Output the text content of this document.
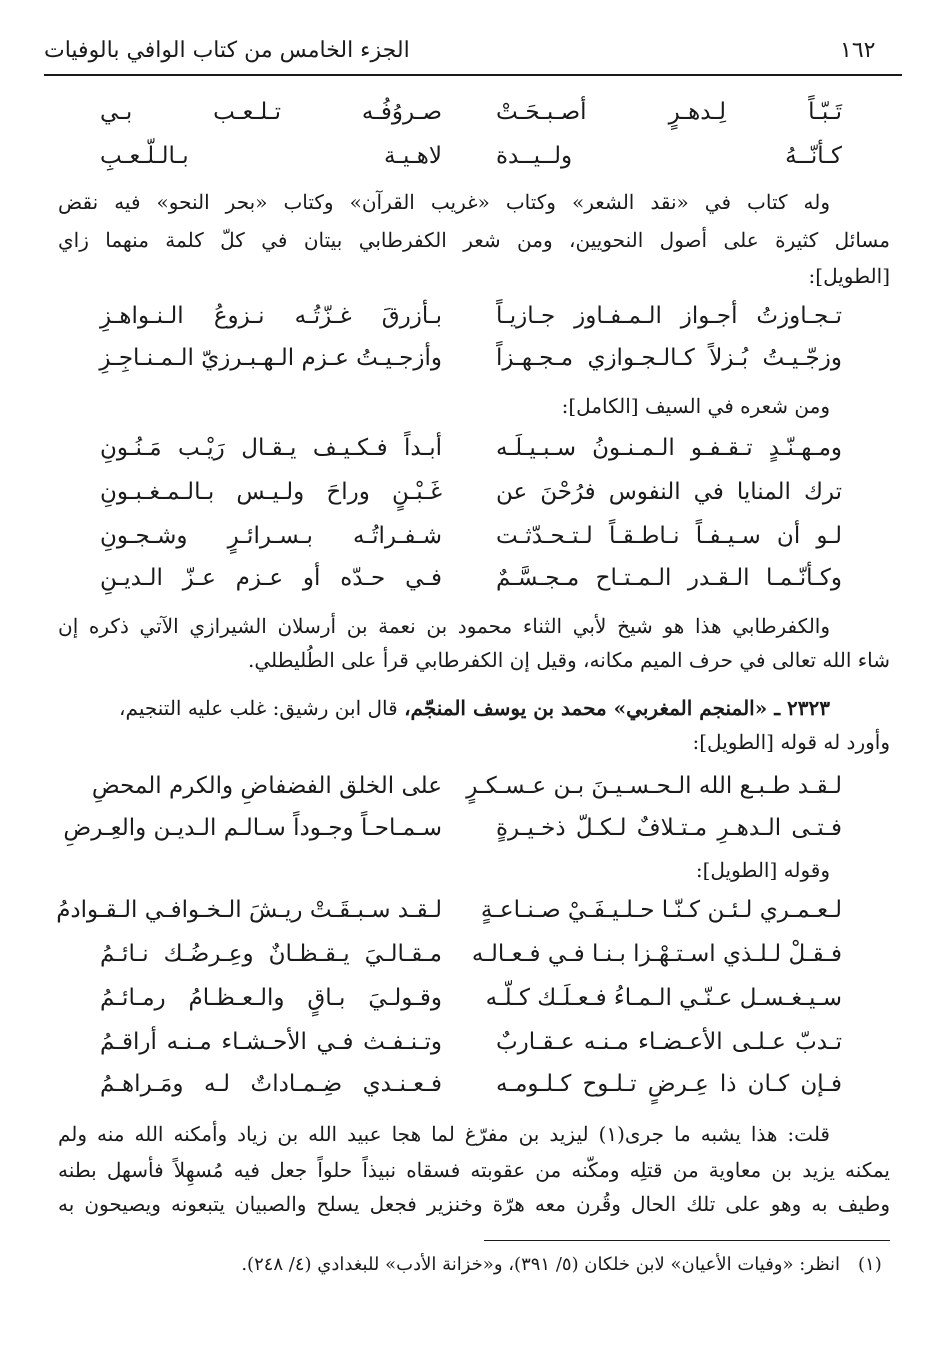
١٦٢
الجزء الخامس من كتاب الوافي بالوفيات
تَـبّـاً لِـدهـرٍ أصـبـحَـتْ
صـروُفُـه تـلـعـب بـي
كـأنّــهُ ولــيــدة
لاهـيـة بـالـلّـعـبِ
وله كتاب في «نقد الشعر» وكتاب «غريب القرآن» وكتاب «بحر النحو» فيه نقض
مسائل كثيرة على أصول النحويين، ومن شعر الكفرطابي بيتان في كلّ كلمة منهما زاي
[الطويل]:
تـجـاوزتُ أجـواز الـمـفـاوز جـازيـاً
بـأزرقَ غـزّتُـه نـزوعُ الـنـواهـزِ
وزجّـيـتُ بُـزلاً كـالـجـوازي مـجـهـزاً
وأزجـيـتُ عـزم الـهـبـرزيّ الـمـنـاجِـزِ
ومن شعره في السيف [الكامل]:
ومـهـنّـدٍ تـقـفـو الـمـنـونُ سـبـيـلَـه
أبـداً فـكـيـف يـقـال رَيْـب مَـنُـونِ
ترك المنايا في النفوس فرُحْنَ عن
غَـبْـنٍ وراحَ ولـيـس بـالـمـغـبـونِ
لـو أن سـيـفـاً نـاطـقـاً لـتـحـدّثـت
شـفـراتُـه بـسـرائـرٍ وشـجـونِ
وكـأنّـمـا الـقـدر الـمـتـاح مـجـسَّـمٌ
فـي حـدّه أو عـزم عـزّ الـديـنِ
والكفرطابي هذا هو شيخ لأبي الثناء محمود بن نعمة بن أرسلان الشيرازي الآتي ذكره إن
شاء الله تعالى في حرف الميم مكانه، وقيل إن الكفرطابي قرأ على الطُليطلي.
٢٣٢٣ ـ «المنجم المغربي» محمد بن يوسف المنجّم، قال ابن رشيق: غلب عليه التنجيم،
وأورد له قوله [الطويل]:
لـقـد طـبـع الله الـحـسـيـنَ بـن عـسـكـرٍ
على الخلق الفضفاضِ والكرم المحضِ
فـتـى الـدهـرِ مـتـلافٌ لـكـلّ ذخـيـرةٍ
سـمـاحـاً وجـوداً سـالـم الـديـن والعِـرضِ
وقوله [الطويل]:
لـعـمـري لـئـن كـنّـا حـلـيـفَـيْ صـنـاعـةٍ
لـقـد سـبـقَـتْ ريـشَ الـخـوافـي الـقـوادمُ
فـقـلْ لـلـذي اسـتـهْـزا بـنـا فـي فـعـالـه
مـقـالـيَ يـقـظـانٌ وعِـرضُـك نـائـمُ
سـيـغـسـل عـنّـي الـمـاءُ فـعـلَـك كـلّـه
وقـولـيَ بـاقٍ والـعـظـامُ رمـائـمُ
تـدبّ عـلـى الأعـضـاء مـنـه عـقـاربٌ
وتـنـفـث فـي الأحـشـاء مـنـه أراقـمُ
فـإن كـان ذا عِـرضٍ تـلـوح كـلـومـه
فـعـنـدي ضِـمـاداتٌ لـه ومَـراهـمُ
قلت: هذا يشبه ما جرى(١) ليزيد بن مفرّغ لما هجا عبيد الله بن زياد وأمكنه الله منه ولم
يمكنه يزيد بن معاوية من قتلِه ومكّنه من عقوبته فسقاه نبيذاً حلواً جعل فيه مُسهِلاً فأسهل بطنه
وطيف به وهو على تلك الحال وقُرن معه هرّة وخنزير فجعل يسلح والصبيان يتبعونه ويصيحون به
(١)
انظر: «وفيات الأعيان» لابن خلكان (٥/ ٣٩١)، و«خزانة الأدب» للبغدادي (٤/ ٢٤٨).
